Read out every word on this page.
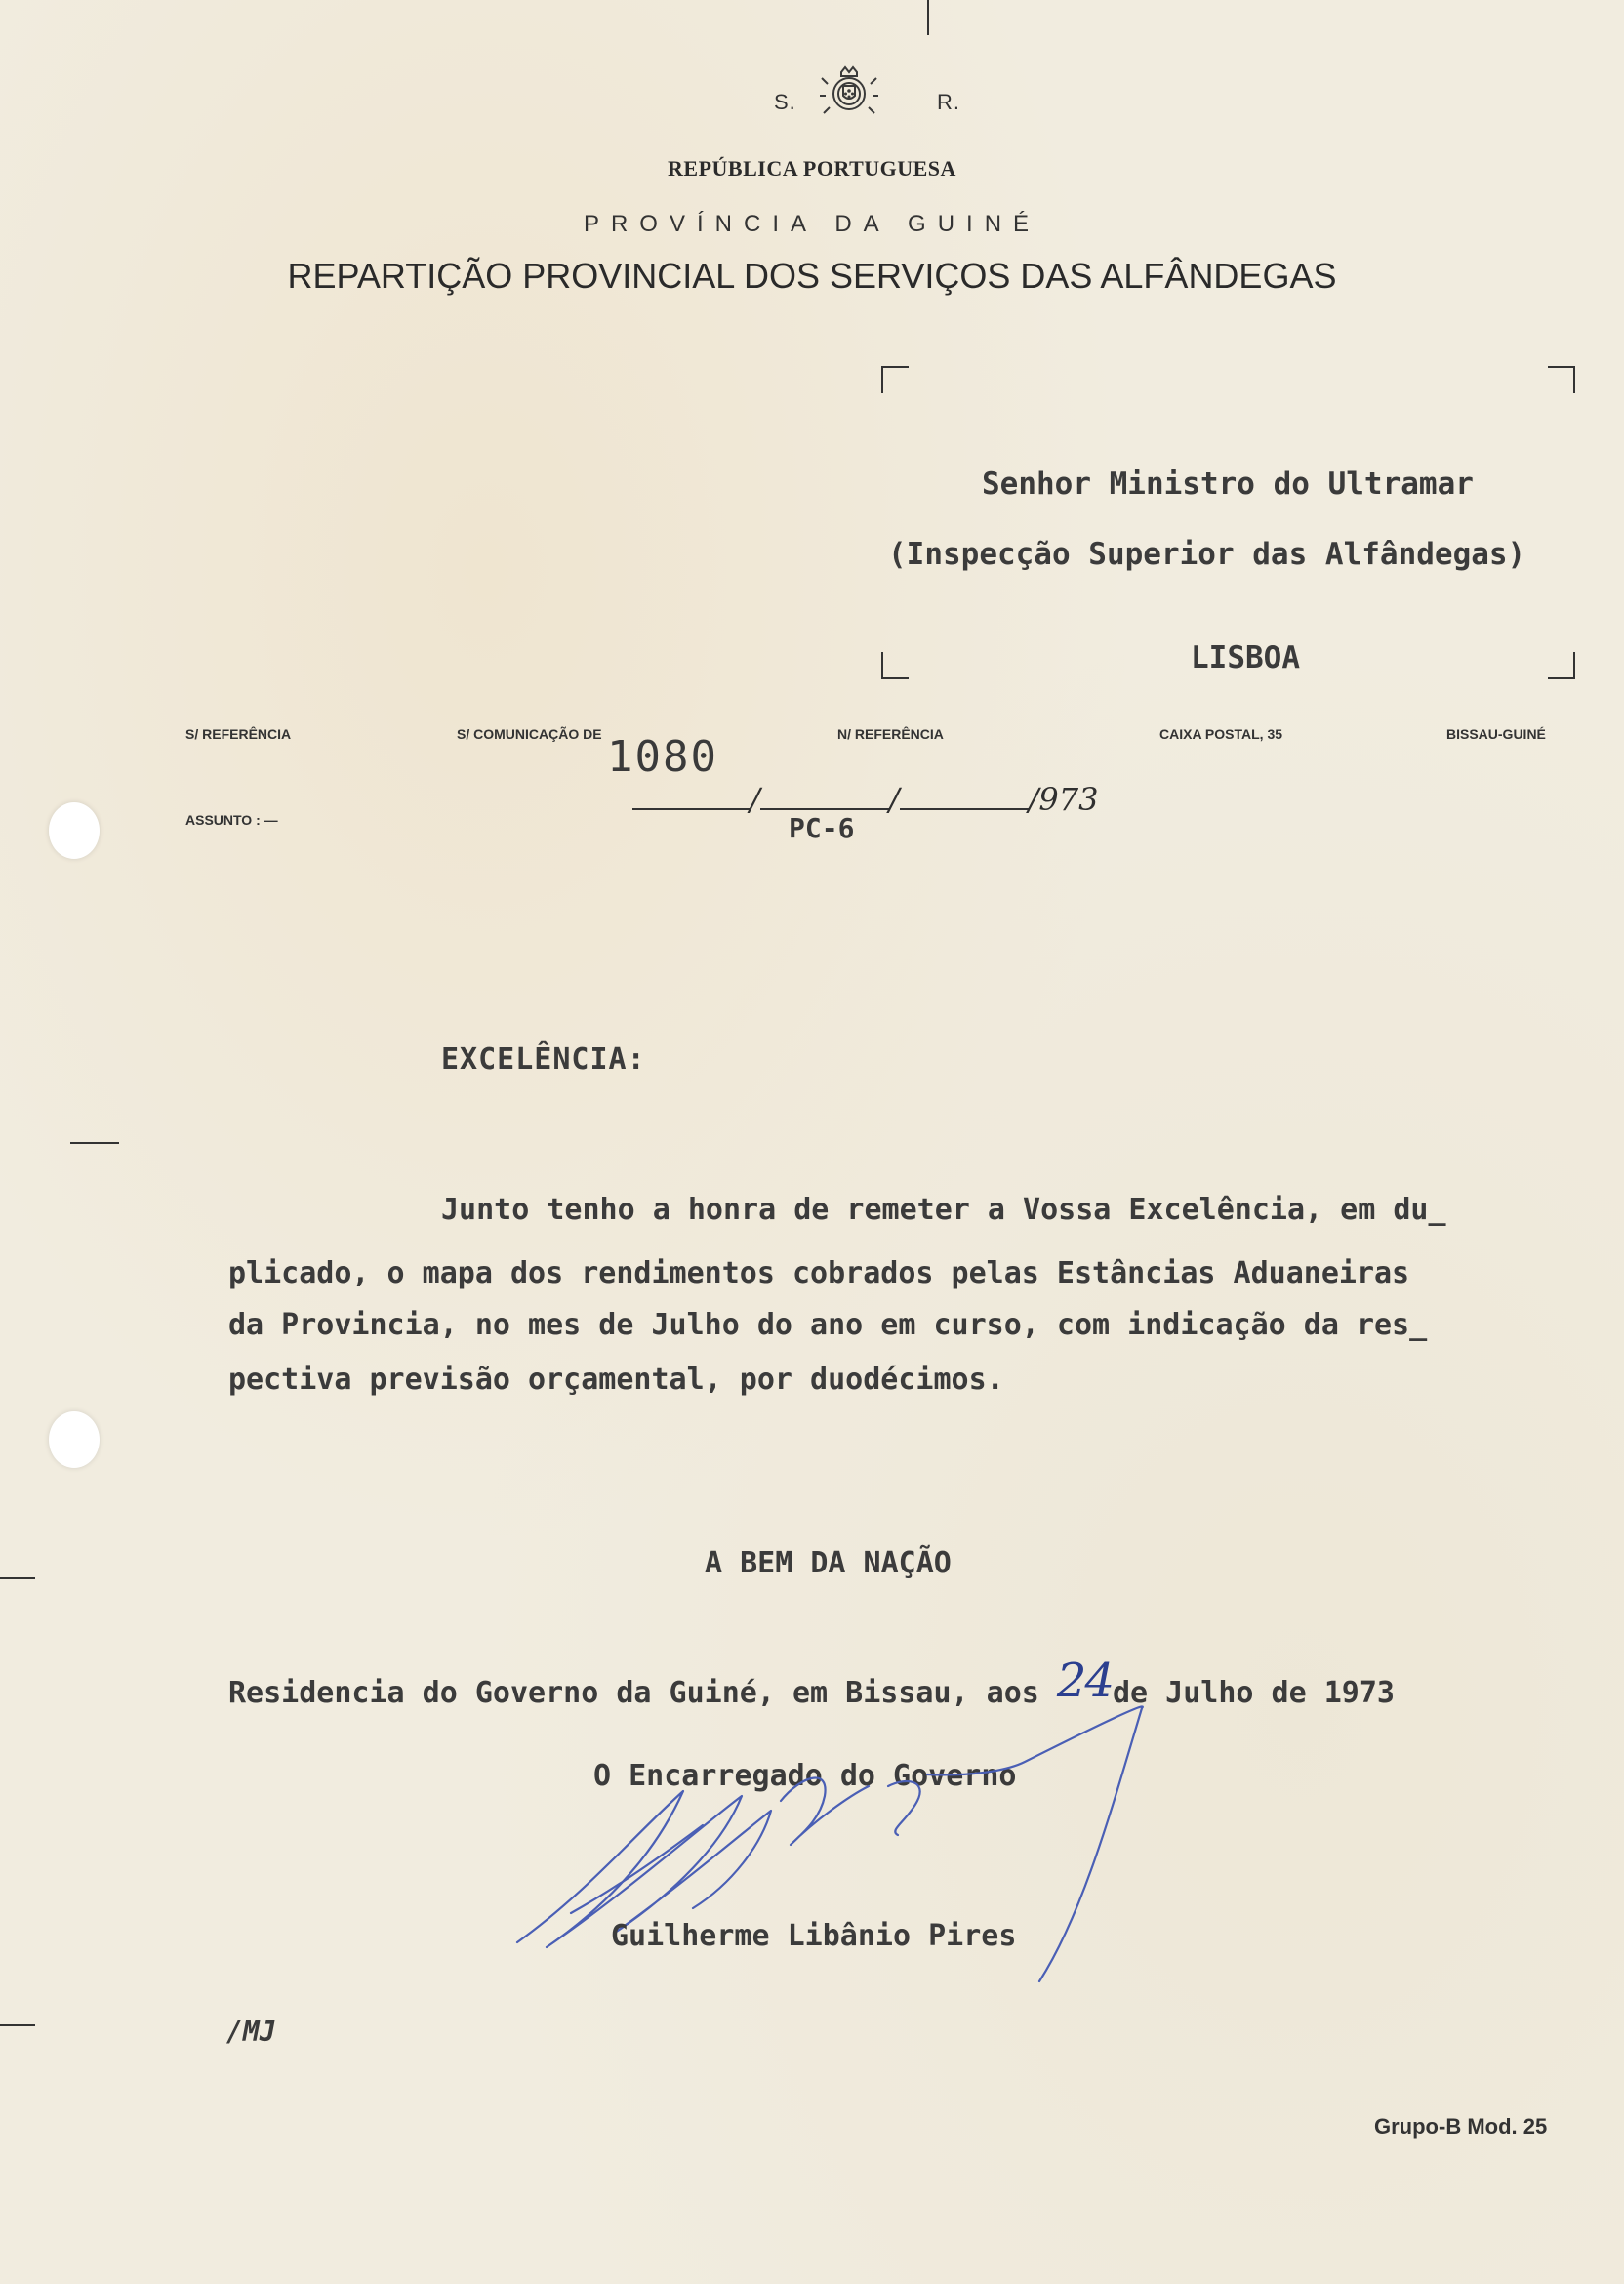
S.	R.
REPÚBLICA PORTUGUESA
PROVÍNCIA DA GUINÉ
REPARTIÇÃO PROVINCIAL DOS SERVIÇOS DAS ALFÂNDEGAS
Senhor Ministro do Ultramar
(Inspecção Superior das Alfândegas)
LISBOA
S/ REFERÊNCIA	S/ COMUNICAÇÃO DE	N/ REFERÊNCIA	CAIXA POSTAL, 35	BISSAU-GUINÉ
ASSUNTO : —
1080
/	/	/973
PC-6
EXCELÊNCIA:
Junto tenho a honra de remeter a Vossa Excelência, em du_
plicado, o mapa dos rendimentos cobrados pelas Estâncias Aduaneiras
da Provincia, no mes de Julho do ano em curso, com indicação da res_
pectiva previsão orçamental, por duodécimos.
A BEM DA NAÇÃO
Residencia do Governo da Guiné, em Bissau, aos 24de Julho de 1973
O Encarregado do Governo
Guilherme Libânio Pires
/MJ
Grupo-B Mod. 25
